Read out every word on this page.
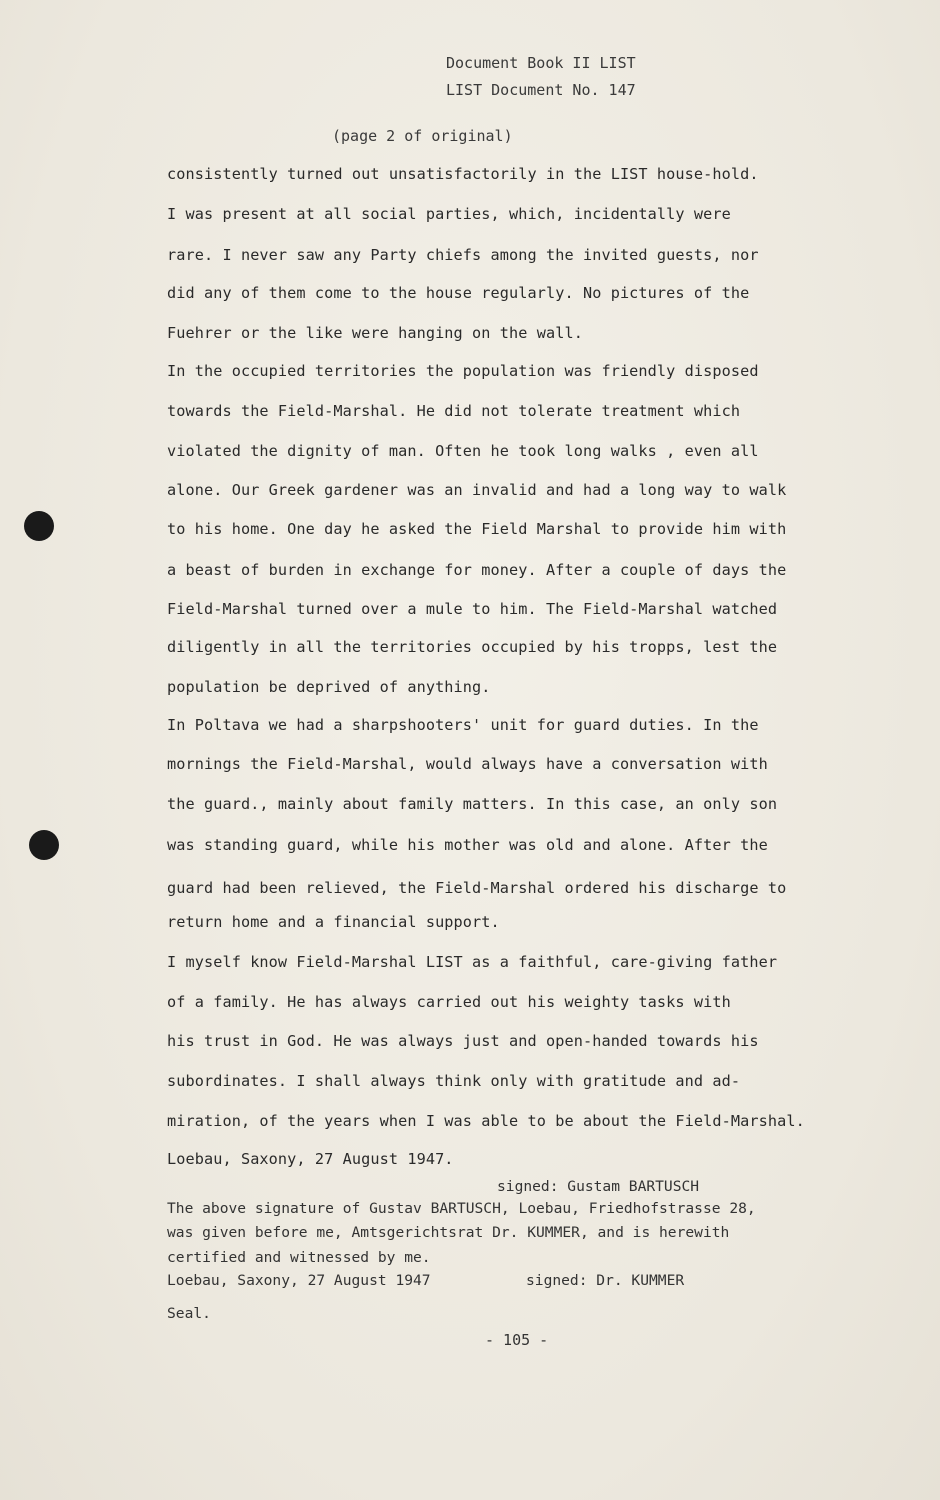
Document Book II LIST
LIST Document No. 147
(page 2 of original)
consistently turned out unsatisfactorily in the LIST house-hold.
I was present at all social parties, which, incidentally were
rare. I never saw any Party chiefs among the invited guests, nor
did any of them come to the house regularly. No pictures of the
Fuehrer or the like were hanging on the wall.
In the occupied territories the population was friendly disposed
towards the Field-Marshal. He did not tolerate treatment which
violated the dignity of man. Often he took long walks , even all
alone. Our Greek gardener was an invalid and had a long way to walk
to his home. One day he asked the Field Marshal to provide him with
a beast of burden in exchange for money. After a couple of days the
Field-Marshal turned over a mule to him. The Field-Marshal watched
diligently in all the territories occupied by his tropps, lest the
population be deprived of anything.
In Poltava we had a sharpshooters' unit for guard duties. In the
mornings the Field-Marshal, would always have a conversation with
the guard., mainly about family matters. In this case, an only son
was standing guard, while his mother was old and alone. After the
guard had been relieved, the Field-Marshal ordered his discharge to
return home and a financial support.
I myself know Field-Marshal LIST as a faithful, care-giving father
of a family. He has always carried out his weighty tasks with
his trust in God. He was always just and open-handed towards his
subordinates. I shall always think only with gratitude and ad-
miration, of the years when I was able to be about the Field-Marshal.
Loebau, Saxony, 27 August 1947.
signed: Gustam BARTUSCH
The above signature of Gustav BARTUSCH, Loebau, Friedhofstrasse 28,
was given before me, Amtsgerichtsrat Dr. KUMMER, and is herewith
certified and witnessed by me.
Loebau, Saxony, 27 August 1947	signed: Dr. KUMMER
Seal.
- 105 -
